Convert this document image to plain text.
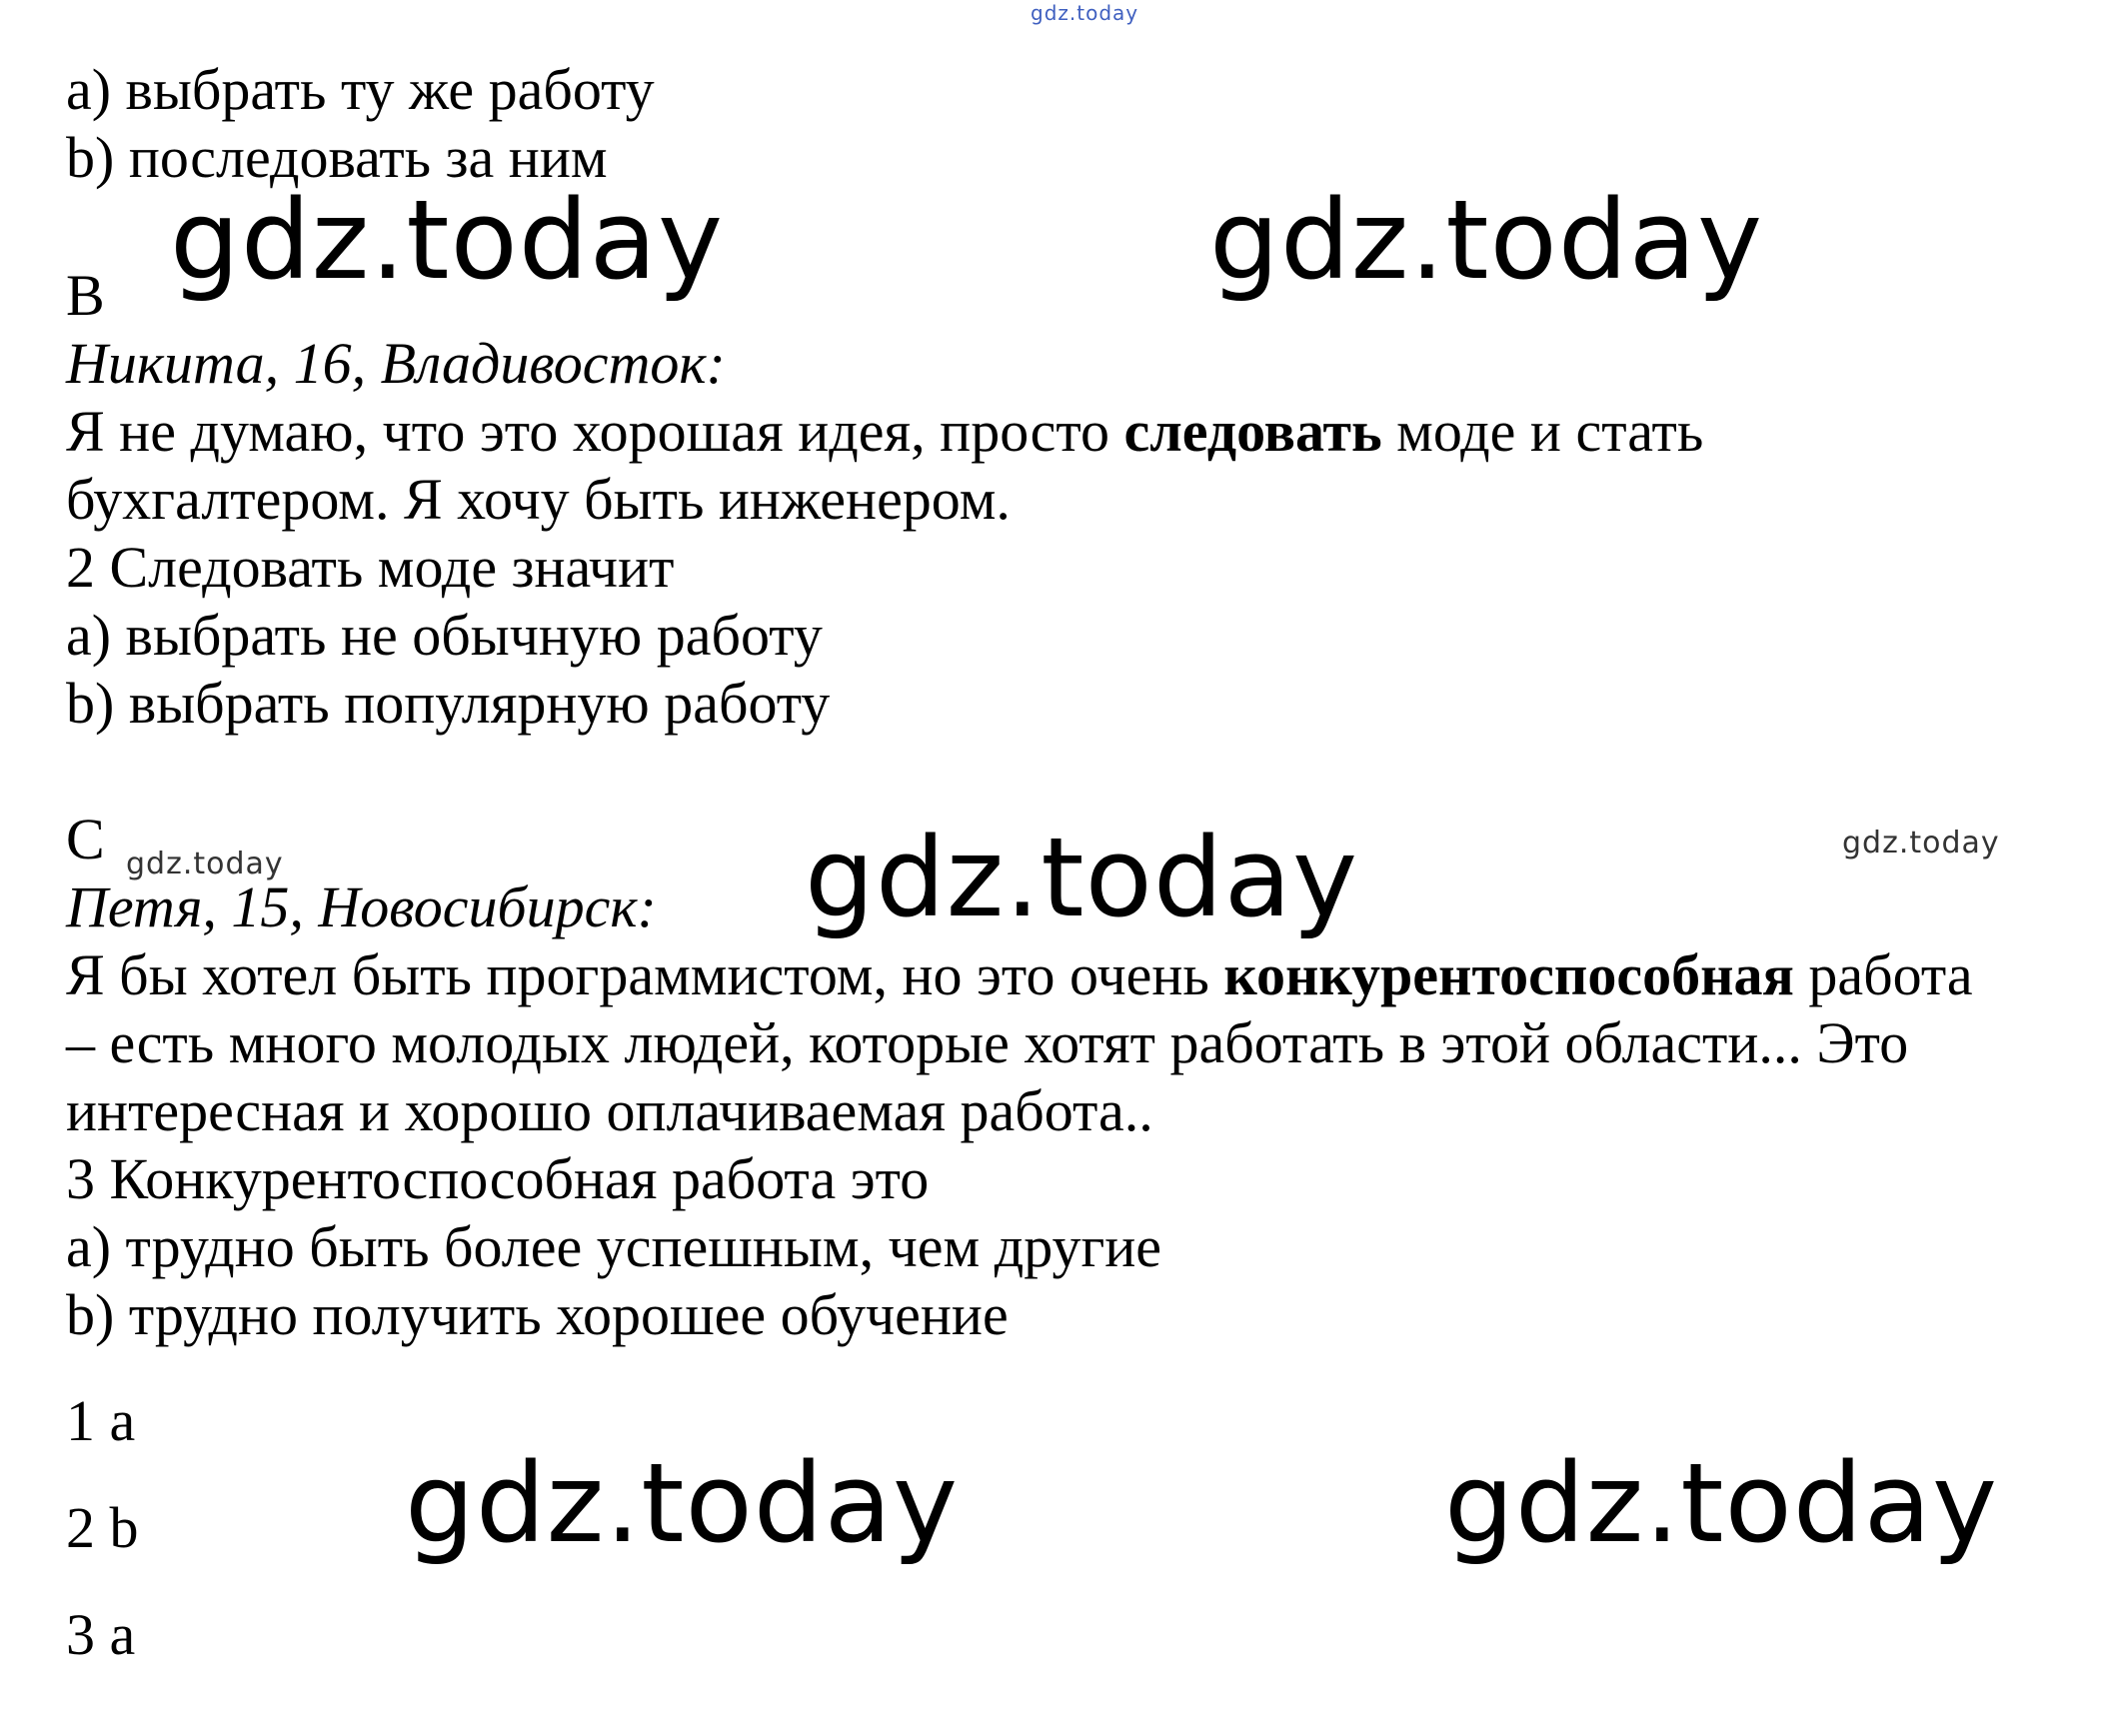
gdz.today
gdz.today	gdz.today
gdz.today
gdz.today
gdz.today
gdz.today	gdz.today
a) выбрать ту же работу
b) последовать за ним
B
Никита, 16, Владивосток:
Я не думаю, что это хорошая идея, просто следовать моде и стать
бухгалтером. Я хочу быть инженером.
2 Следовать моде значит
a) выбрать не обычную работу
b) выбрать популярную работу
C
Петя, 15, Новосибирск:
Я бы хотел быть программистом, но это очень конкурентоспособная работа
– есть много молодых людей, которые хотят работать в этой области... Это
интересная и хорошо оплачиваемая работа..
3 Конкурентоспособная работа это
a) трудно быть более успешным, чем другие
b) трудно получить хорошее обучение
1 a
2 b
3 a
